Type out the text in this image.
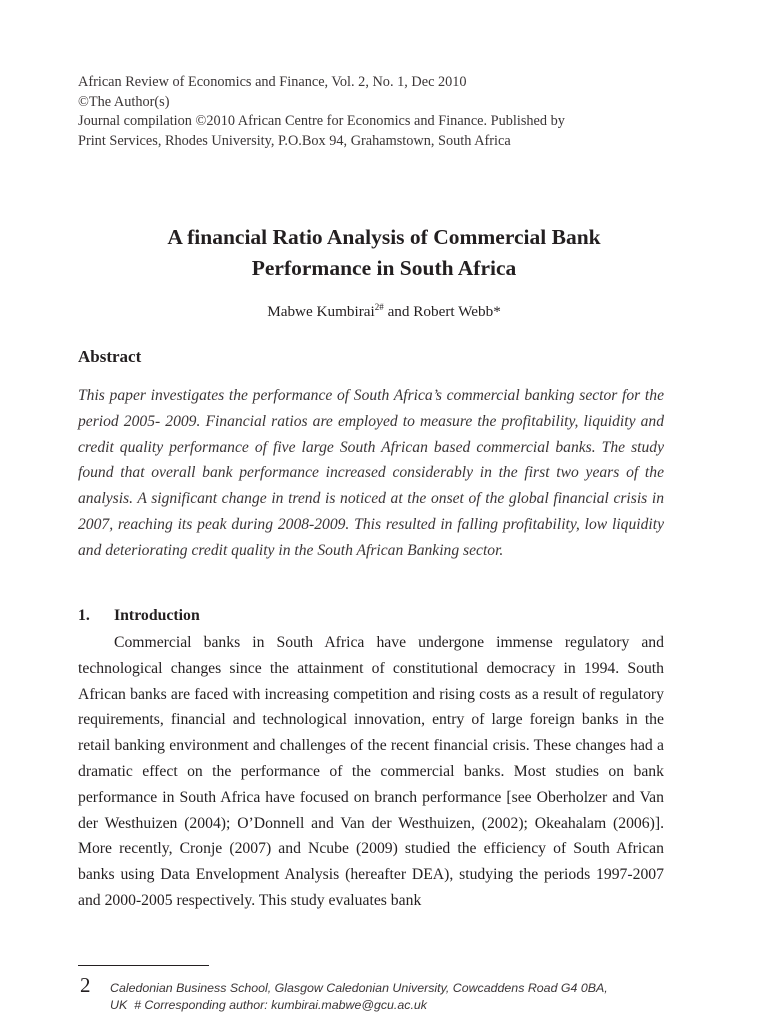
African Review of Economics and Finance, Vol. 2, No. 1, Dec 2010
©The Author(s)
Journal compilation ©2010 African Centre for Economics and Finance. Published by
Print Services, Rhodes University, P.O.Box 94, Grahamstown, South Africa
A financial Ratio Analysis of Commercial Bank
Performance in South Africa
Mabwe Kumbirai$^{2\#}$ and Robert Webb*
Abstract

This paper investigates the performance of South Africa’s commercial banking sector for the period 2005- 2009. Financial ratios are employed to measure the profitability, liquidity and credit quality performance of five large South African based commercial banks. The study found that overall bank performance increased considerably in the first two years of the analysis. A significant change in trend is noticed at the onset of the global financial crisis in 2007, reaching its peak during 2008-2009. This resulted in falling profitability, low liquidity and deteriorating credit quality in the South African Banking sector.

1. Introduction

Commercial banks in South Africa have undergone immense regulatory and technological changes since the attainment of constitutional democracy in 1994. South African banks are faced with increasing competition and rising costs as a result of regulatory requirements, financial and technological innovation, entry of large foreign banks in the retail banking environment and challenges of the recent financial crisis. These changes had a dramatic effect on the performance of the commercial banks. Most studies on bank performance in South Africa have focused on branch performance [see Oberholzer and Van der Westhuizen (2004); O’Donnell and Van der Westhuizen, (2002); Okeahalam (2006)]. More recently, Cronje (2007) and Ncube (2009) studied the efficiency of South African banks using Data Envelopment Analysis (hereafter DEA), studying the periods 1997-2007 and 2000-2005 respectively. This study evaluates bank

2 Caledonian Business School, Glasgow Caledonian University, Cowcaddens Road G4 0BA,
UK  # Corresponding author: kumbirai.mabwe@gcu.ac.uk
